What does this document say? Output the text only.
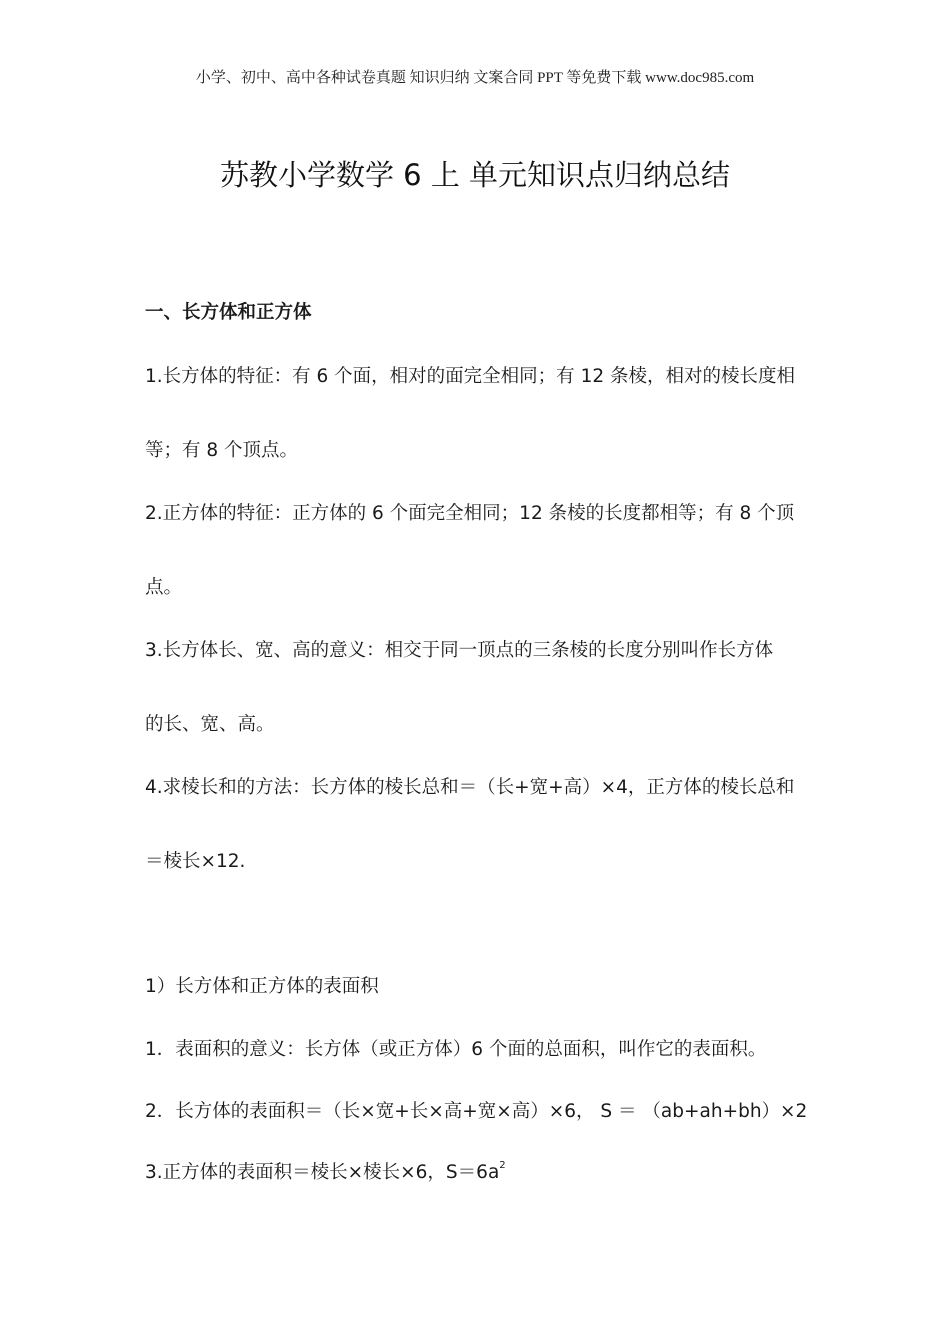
小学、初中、高中各种试卷真题 知识归纳 文案合同 PPT 等免费下载 www.doc985.com
苏教小学数学 6 上 单元知识点归纳总结
一、长方体和正方体
1.长方体的特征：有 6 个面，相对的面完全相同；有 12 条棱，相对的棱长度相
等；有 8 个顶点。
2.正方体的特征：正方体的 6 个面完全相同；12 条棱的长度都相等；有 8 个顶
点。
3.长方体长、宽、高的意义：相交于同一顶点的三条棱的长度分别叫作长方体
的长、宽、高。
4.求棱长和的方法：长方体的棱长总和＝（长+宽+高）×4，正方体的棱长总和
＝棱长×12.
1）长方体和正方体的表面积
1．表面积的意义：长方体（或正方体）6 个面的总面积，叫作它的表面积。
2．长方体的表面积＝（长×宽+长×高+宽×高）×6， S ＝ （ab+ah+bh）×2
3.正方体的表面积＝棱长×棱长×6，$S=6a^2$
